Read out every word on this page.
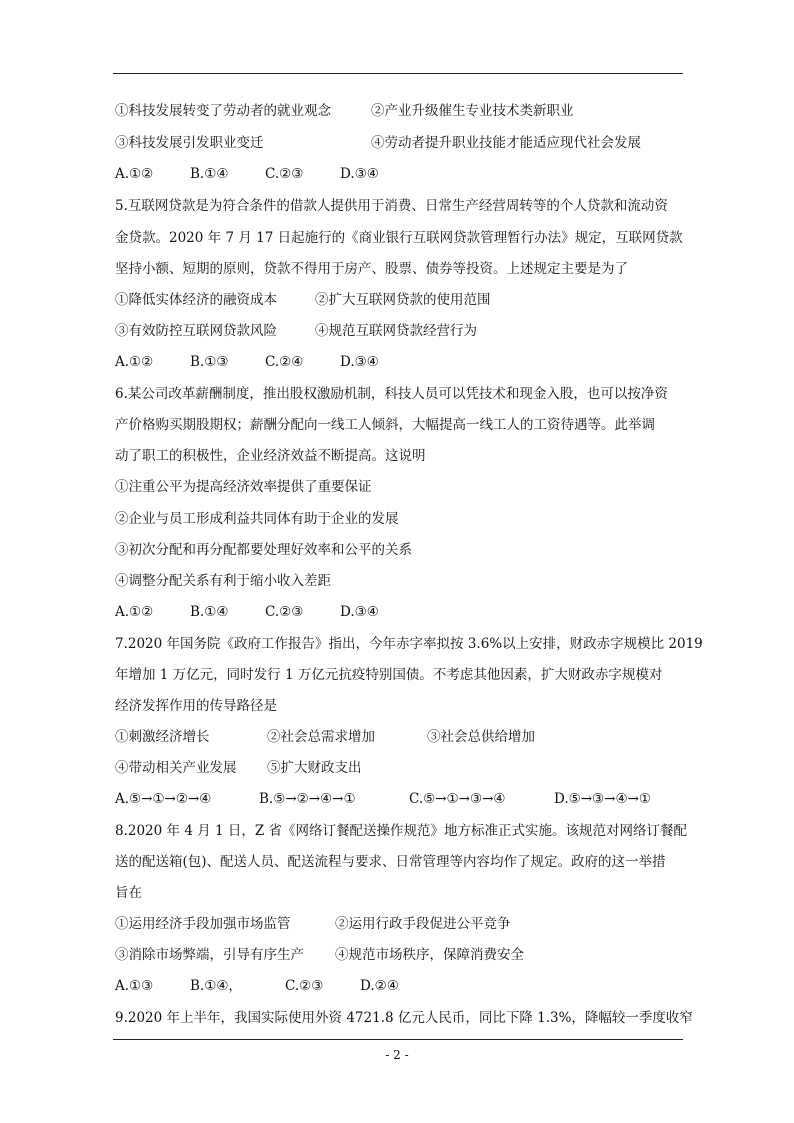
①科技发展转变了劳动者的就业观念	②产业升级催生专业技术类新职业
③科技发展引发职业变迁	④劳动者提升职业技能才能适应现代社会发展
A.①②	B.①④	C.②③	D.③④
5.互联网贷款是为符合条件的借款人提供用于消费、日常生产经营周转等的个人贷款和流动资
金贷款。2020 年 7 月 17 日起施行的《商业银行互联网贷款管理暂行办法》规定，互联网贷款
坚持小额、短期的原则，贷款不得用于房产、股票、债券等投资。上述规定主要是为了
①降低实体经济的融资成本	②扩大互联网贷款的使用范围
③有效防控互联网贷款风险	④规范互联网贷款经营行为
A.①②	B.①③	C.②④	D.③④
6.某公司改革薪酬制度，推出股权激励机制，科技人员可以凭技术和现金入股，也可以按净资
产价格购买期股期权；薪酬分配向一线工人倾斜，大幅提高一线工人的工资待遇等。此举调
动了职工的积极性，企业经济效益不断提高。这说明
①注重公平为提高经济效率提供了重要保证
②企业与员工形成利益共同体有助于企业的发展
③初次分配和再分配都要处理好效率和公平的关系
④调整分配关系有利于缩小收入差距
A.①②	B.①④	C.②③	D.③④
7.2020 年国务院《政府工作报告》指出，今年赤字率拟按 3.6%以上安排，财政赤字规模比 2019
年增加 1 万亿元，同时发行 1 万亿元抗疫特别国债。不考虑其他因素，扩大财政赤字规模对
经济发挥作用的传导路径是
①刺激经济增长	②社会总需求增加	③社会总供给增加
④带动相关产业发展 ⑤扩大财政支出
A.⑤→①→②→④	B.⑤→②→④→①	C.⑤→①→③→④	D.⑤→③→④→①
8.2020 年 4 月 1 日，Z 省《网络订餐配送操作规范》地方标准正式实施。该规范对网络订餐配
送的配送箱(包)、配送人员、配送流程与要求、日常管理等内容均作了规定。政府的这一举措
旨在
①运用经济手段加强市场监管	②运用行政手段促进公平竞争
③消除市场弊端，引导有序生产 ④规范市场秩序，保障消费安全
A.①③	B.①④，	C.②③	D.②④
9.2020 年上半年，我国实际使用外资 4721.8 亿元人民币，同比下降 1.3%，降幅较一季度收窄
- 2 -
